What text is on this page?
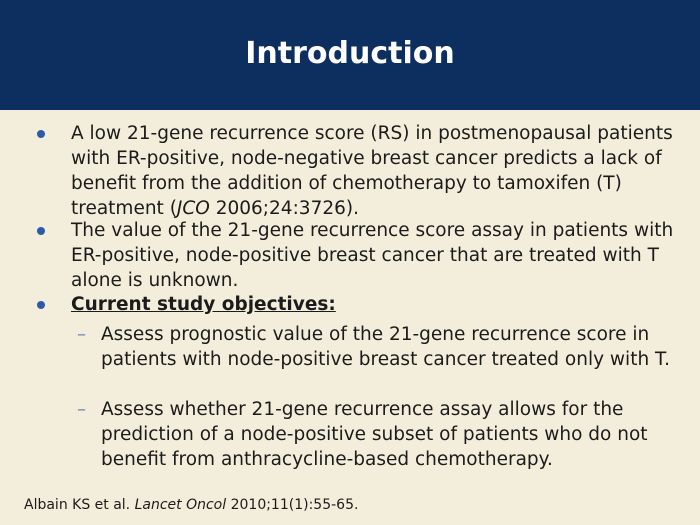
Introduction
A low 21-gene recurrence score (RS) in postmenopausal patients with ER-positive, node-negative breast cancer predicts a lack of benefit from the addition of chemotherapy to tamoxifen (T) treatment (JCO 2006;24:3726).
The value of the 21-gene recurrence score assay in patients with ER-positive, node-positive breast cancer that are treated with T alone is unknown.
Current study objectives:
– Assess prognostic value of the 21-gene recurrence score in patients with node-positive breast cancer treated only with T.
– Assess whether 21-gene recurrence assay allows for the prediction of a node-positive subset of patients who do not benefit from anthracycline-based chemotherapy.
Albain KS et al. Lancet Oncol 2010;11(1):55-65.
